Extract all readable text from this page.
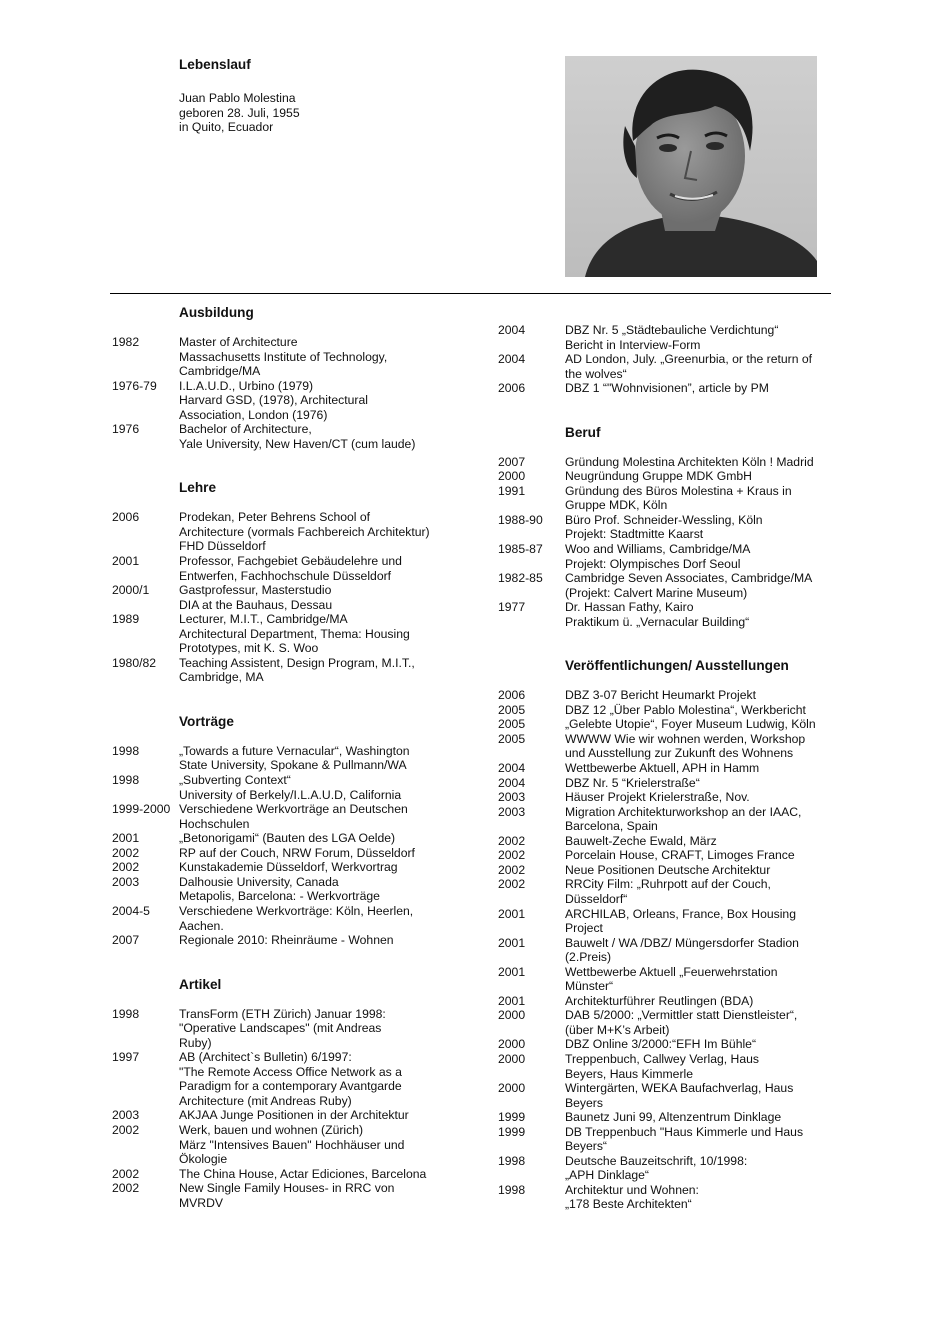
Lebenslauf
Juan Pablo Molestina
geboren 28. Juli, 1955
in Quito, Ecuador
Ausbildung
1982	Master of Architecture
Massachusetts Institute of Technology,
Cambridge/MA
1976-79	I.L.A.U.D., Urbino (1979)
Harvard GSD, (1978), Architectural
Association, London (1976)
1976	Bachelor of Architecture,
Yale University, New Haven/CT (cum laude)
Lehre
2006	Prodekan, Peter Behrens School of
Architecture (vormals Fachbereich Architektur)
FHD Düsseldorf
2001	Professor, Fachgebiet Gebäudelehre und
Entwerfen, Fachhochschule Düsseldorf
2000/1	Gastprofessur, Masterstudio
DIA at the Bauhaus, Dessau
1989	Lecturer, M.I.T., Cambridge/MA
Architectural Department, Thema: Housing
Prototypes, mit K. S. Woo
1980/82	Teaching Assistent, Design Program, M.I.T.,
Cambridge, MA
Vorträge
1998	„Towards a future Vernacular“, Washington
State University, Spokane & Pullmann/WA
1998	„Subverting Context“
University of Berkely/I.L.A.U.D, California
1999-2000 Verschiedene Werkvorträge an Deutschen
Hochschulen
2001	„Betonorigami“ (Bauten des LGA Oelde)
2002	RP auf der Couch, NRW Forum, Düsseldorf
2002	Kunstakademie Düsseldorf, Werkvortrag
2003	Dalhousie University, Canada
Metapolis, Barcelona: - Werkvorträge
2004-5	Verschiedene Werkvorträge: Köln, Heerlen,
Aachen.
2007	Regionale 2010: Rheinräume - Wohnen
Artikel
1998	TransForm (ETH Zürich) Januar 1998:
"Operative Landscapes" (mit Andreas
Ruby)
1997	AB (Architect`s Bulletin) 6/1997:
"The Remote Access Office Network as a
Paradigm for a contemporary Avantgarde
Architecture (mit Andreas Ruby)
2003	AKJAA Junge Positionen in der Architektur
2002	Werk, bauen und wohnen (Zürich)
März "Intensives Bauen" Hochhäuser und
Ökologie
2002	The China House, Actar Ediciones, Barcelona
2002	New Single Family Houses- in RRC von
MVRDV
2004	DBZ Nr. 5 „Städtebauliche Verdichtung“
Bericht in Interview-Form
2004	AD London, July. „Greenurbia, or the return of
the wolves“
2006	DBZ 1 “"Wohnvisionen”, article by PM
Beruf
2007	Gründung Molestina Architekten Köln ! Madrid
2000	Neugründung Gruppe MDK GmbH
1991	Gründung des Büros Molestina + Kraus in
Gruppe MDK, Köln
1988-90	Büro Prof. Schneider-Wessling, Köln
Projekt: Stadtmitte Kaarst
1985-87	Woo and Williams, Cambridge/MA
Projekt: Olympisches Dorf Seoul
1982-85	Cambridge Seven Associates, Cambridge/MA
(Projekt: Calvert Marine Museum)
1977	Dr. Hassan Fathy, Kairo
Praktikum ü. „Vernacular Building“
Veröffentlichungen/ Ausstellungen
2006	DBZ 3-07 Bericht Heumarkt Projekt
2005	DBZ 12 „Über Pablo Molestina“, Werkbericht
2005	„Gelebte Utopie“, Foyer Museum Ludwig, Köln
2005	WWWW Wie wir wohnen werden, Workshop
und Ausstellung zur Zukunft des Wohnens
2004	Wettbewerbe Aktuell, APH in Hamm
2004	DBZ Nr. 5 “Krielerstraße“
2003	Häuser Projekt Krielerstraße, Nov.
2003	Migration Architekturworkshop an der IAAC,
Barcelona, Spain
2002	Bauwelt-Zeche Ewald, März
2002	Porcelain House, CRAFT, Limoges France
2002	Neue Positionen Deutsche Architektur
2002	RRCity Film: „Ruhrpott auf der Couch,
Düsseldorf“
2001	ARCHILAB, Orleans, France, Box Housing
Project
2001	Bauwelt / WA /DBZ/ Müngersdorfer Stadion
(2.Preis)
2001	Wettbewerbe Aktuell „Feuerwehrstation
Münster“
2001	Architekturführer Reutlingen (BDA)
2000	DAB 5/2000: „Vermittler statt Dienstleister“,
(über M+K’s Arbeit)
2000	DBZ Online 3/2000:“EFH Im Bühle“
2000	Treppenbuch, Callwey Verlag, Haus
Beyers, Haus Kimmerle
2000	Wintergärten, WEKA Baufachverlag, Haus
Beyers
1999	Baunetz Juni 99, Altenzentrum Dinklage
1999	DB Treppenbuch "Haus Kimmerle und Haus
Beyers“
1998	Deutsche Bauzeitschrift, 10/1998:
„APH Dinklage“
1998	Architektur und Wohnen:
„178 Beste Architekten“
